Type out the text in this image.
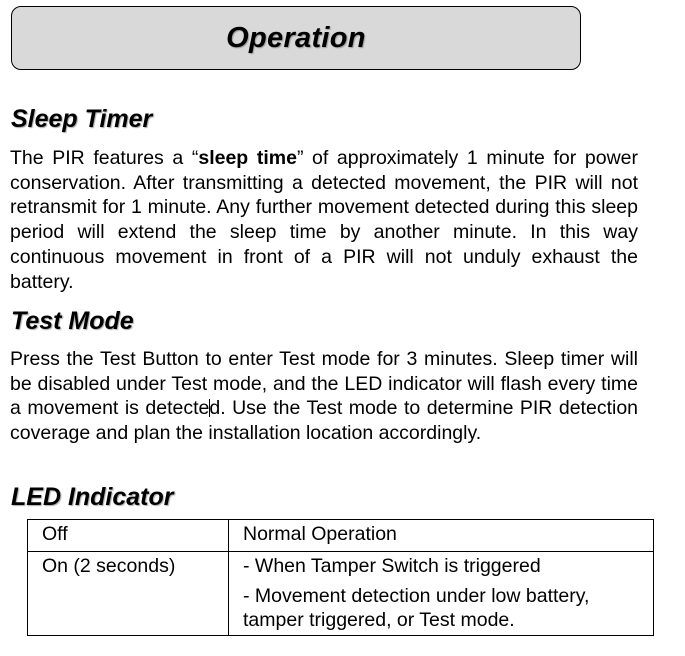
Operation
Sleep Timer

The PIR features a “sleep time” of approximately 1 minute for power conservation. After transmitting a detected movement, the PIR will not retransmit for 1 minute. Any further movement detected during this sleep period will extend the sleep time by another minute. In this way continuous movement in front of a PIR will not unduly exhaust the battery.

Test Mode

Press the Test Button to enter Test mode for 3 minutes. Sleep timer will be disabled under Test mode, and the LED indicator will flash every time a movement is detected. Use the Test mode to determine PIR detection coverage and plan the installation location accordingly.

LED Indicator
Off	Normal Operation

On (2 seconds)	- When Tamper Switch is triggered
- Movement detection under low battery, tamper triggered, or Test mode.
